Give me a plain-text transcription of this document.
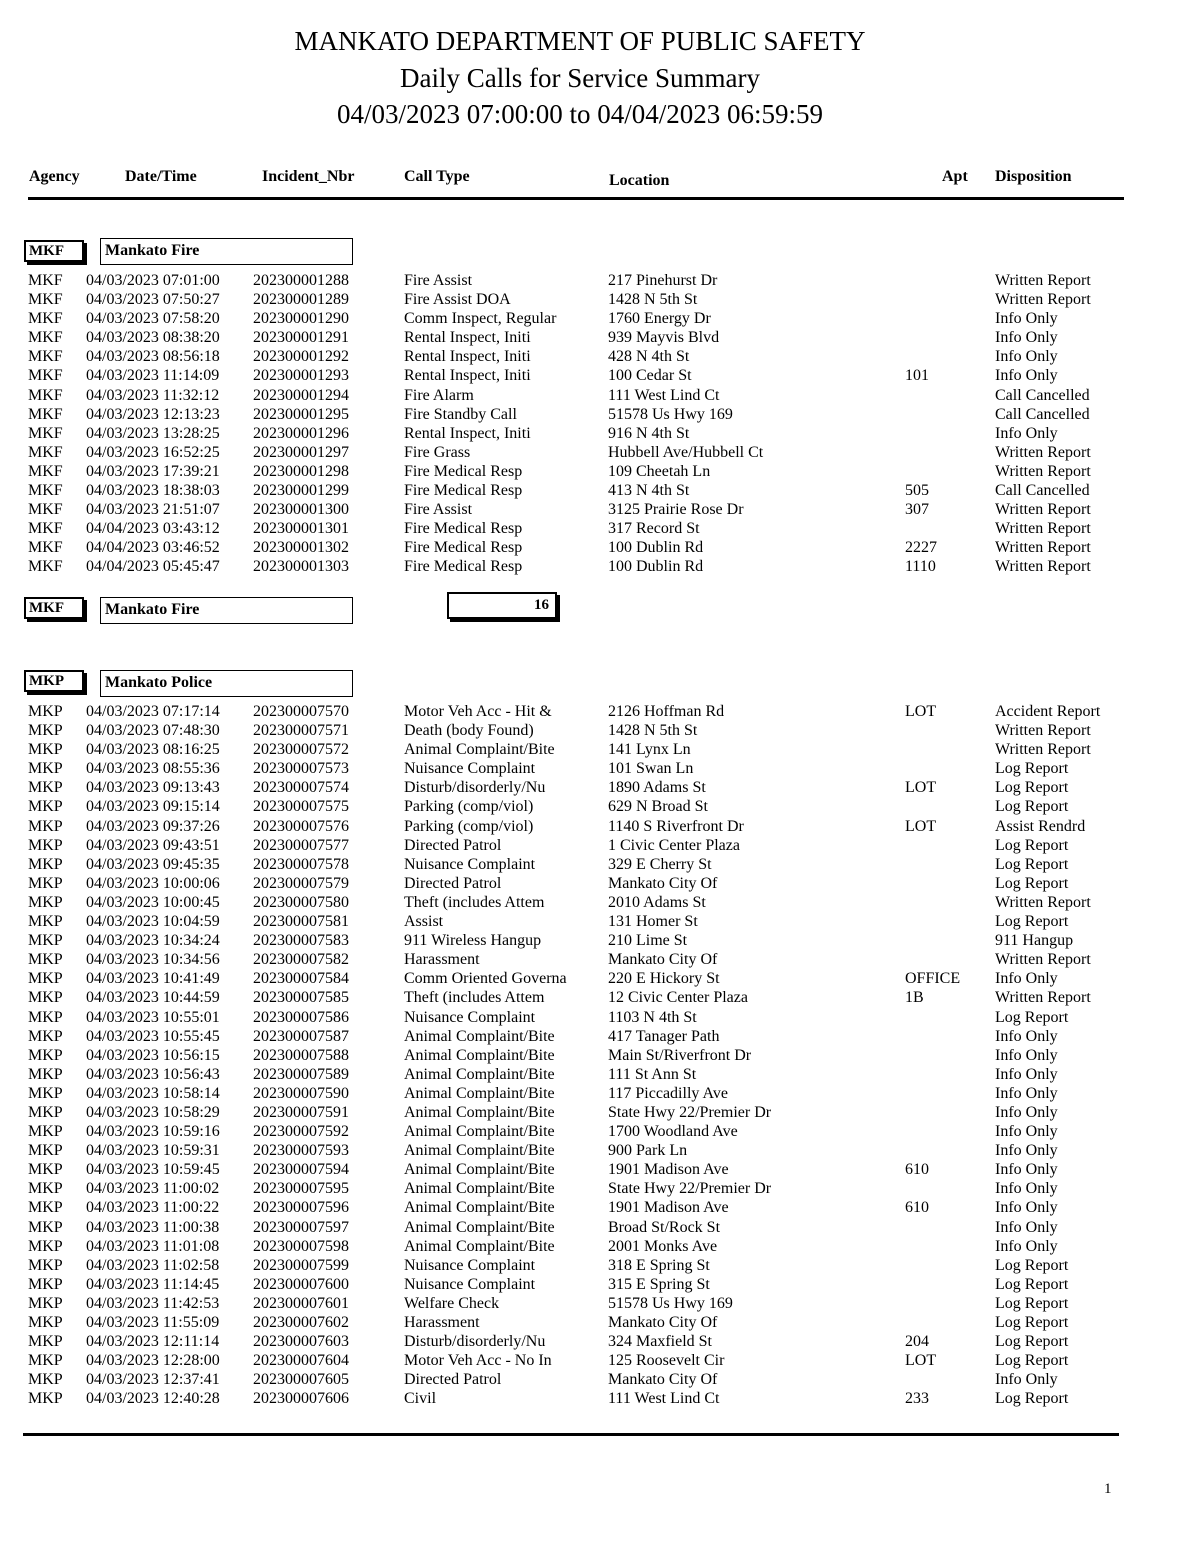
MANKATO DEPARTMENT OF PUBLIC SAFETY
Daily Calls for Service Summary
04/03/2023 07:00:00 to 04/04/2023 06:59:59
Agency	Date/Time	Incident_Nbr	Call Type	Location	Apt Disposition
MKF	Mankato Fire
MKF 04/03/2023 07:01:00 202300001288	Fire Assist	217 Pinehurst Dr	Written Report
MKF 04/03/2023 07:50:27 202300001289	Fire Assist DOA	1428 N 5th St	Written Report
MKF 04/03/2023 07:58:20 202300001290	Comm Inspect, Regular	1760 Energy Dr	Info Only
MKF 04/03/2023 08:38:20 202300001291	Rental Inspect, Initi	939 Mayvis Blvd	Info Only
MKF 04/03/2023 08:56:18 202300001292	Rental Inspect, Initi	428 N 4th St	Info Only
MKF 04/03/2023 11:14:09 202300001293	Rental Inspect, Initi	100 Cedar St	101	Info Only
MKF 04/03/2023 11:32:12 202300001294	Fire Alarm	111 West Lind Ct	Call Cancelled
MKF 04/03/2023 12:13:23 202300001295	Fire Standby Call	51578 Us Hwy 169	Call Cancelled
MKF 04/03/2023 13:28:25 202300001296	Rental Inspect, Initi	916 N 4th St	Info Only
MKF 04/03/2023 16:52:25 202300001297	Fire Grass	Hubbell Ave/Hubbell Ct	Written Report
MKF 04/03/2023 17:39:21 202300001298	Fire Medical Resp	109 Cheetah Ln	Written Report
MKF 04/03/2023 18:38:03 202300001299	Fire Medical Resp	413 N 4th St	505	Call Cancelled
MKF 04/03/2023 21:51:07 202300001300	Fire Assist	3125 Prairie Rose Dr	307	Written Report
MKF 04/04/2023 03:43:12 202300001301	Fire Medical Resp	317 Record St	Written Report
MKF 04/04/2023 03:46:52 202300001302	Fire Medical Resp	100 Dublin Rd	2227	Written Report
MKF 04/04/2023 05:45:47 202300001303	Fire Medical Resp	100 Dublin Rd	1110	Written Report
MKF	Mankato Fire	16
MKP	Mankato Police
MKP 04/03/2023 07:17:14 202300007570	Motor Veh Acc - Hit &	2126 Hoffman Rd	LOT	Accident Report
MKP 04/03/2023 07:48:30 202300007571	Death (body Found)	1428 N 5th St	Written Report
MKP 04/03/2023 08:16:25 202300007572	Animal Complaint/Bite	141 Lynx Ln	Written Report
MKP 04/03/2023 08:55:36 202300007573	Nuisance Complaint	101 Swan Ln	Log Report
MKP 04/03/2023 09:13:43 202300007574	Disturb/disorderly/Nu	1890 Adams St	LOT	Log Report
MKP 04/03/2023 09:15:14 202300007575	Parking (comp/viol)	629 N Broad St	Log Report
MKP 04/03/2023 09:37:26 202300007576	Parking (comp/viol)	1140 S Riverfront Dr	LOT	Assist Rendrd
MKP 04/03/2023 09:43:51 202300007577	Directed Patrol	1 Civic Center Plaza	Log Report
MKP 04/03/2023 09:45:35 202300007578	Nuisance Complaint	329 E Cherry St	Log Report
MKP 04/03/2023 10:00:06 202300007579	Directed Patrol	Mankato City Of	Log Report
MKP 04/03/2023 10:00:45 202300007580	Theft (includes Attem	2010 Adams St	Written Report
MKP 04/03/2023 10:04:59 202300007581	Assist	131 Homer St	Log Report
MKP 04/03/2023 10:34:24 202300007583	911 Wireless Hangup	210 Lime St	911 Hangup
MKP 04/03/2023 10:34:56 202300007582	Harassment	Mankato City Of	Written Report
MKP 04/03/2023 10:41:49 202300007584	Comm Oriented Governa	220 E Hickory St	OFFICE Info Only
MKP 04/03/2023 10:44:59 202300007585	Theft (includes Attem	12 Civic Center Plaza	1B	Written Report
MKP 04/03/2023 10:55:01 202300007586	Nuisance Complaint	1103 N 4th St	Log Report
MKP 04/03/2023 10:55:45 202300007587	Animal Complaint/Bite	417 Tanager Path	Info Only
MKP 04/03/2023 10:56:15 202300007588	Animal Complaint/Bite	Main St/Riverfront Dr	Info Only
MKP 04/03/2023 10:56:43 202300007589	Animal Complaint/Bite	111 St Ann St	Info Only
MKP 04/03/2023 10:58:14 202300007590	Animal Complaint/Bite	117 Piccadilly Ave	Info Only
MKP 04/03/2023 10:58:29 202300007591	Animal Complaint/Bite	State Hwy 22/Premier Dr	Info Only
MKP 04/03/2023 10:59:16 202300007592	Animal Complaint/Bite	1700 Woodland Ave	Info Only
MKP 04/03/2023 10:59:31 202300007593	Animal Complaint/Bite	900 Park Ln	Info Only
MKP 04/03/2023 10:59:45 202300007594	Animal Complaint/Bite	1901 Madison Ave	610	Info Only
MKP 04/03/2023 11:00:02 202300007595	Animal Complaint/Bite	State Hwy 22/Premier Dr	Info Only
MKP 04/03/2023 11:00:22 202300007596	Animal Complaint/Bite	1901 Madison Ave	610	Info Only
MKP 04/03/2023 11:00:38 202300007597	Animal Complaint/Bite	Broad St/Rock St	Info Only
MKP 04/03/2023 11:01:08 202300007598	Animal Complaint/Bite	2001 Monks Ave	Info Only
MKP 04/03/2023 11:02:58 202300007599	Nuisance Complaint	318 E Spring St	Log Report
MKP 04/03/2023 11:14:45 202300007600	Nuisance Complaint	315 E Spring St	Log Report
MKP 04/03/2023 11:42:53 202300007601	Welfare Check	51578 Us Hwy 169	Log Report
MKP 04/03/2023 11:55:09 202300007602	Harassment	Mankato City Of	Log Report
MKP 04/03/2023 12:11:14 202300007603	Disturb/disorderly/Nu	324 Maxfield St	204	Log Report
MKP 04/03/2023 12:28:00 202300007604	Motor Veh Acc - No In	125 Roosevelt Cir	LOT	Log Report
MKP 04/03/2023 12:37:41 202300007605	Directed Patrol	Mankato City Of	Info Only
MKP 04/03/2023 12:40:28 202300007606	Civil	111 West Lind Ct	233	Log Report
1
